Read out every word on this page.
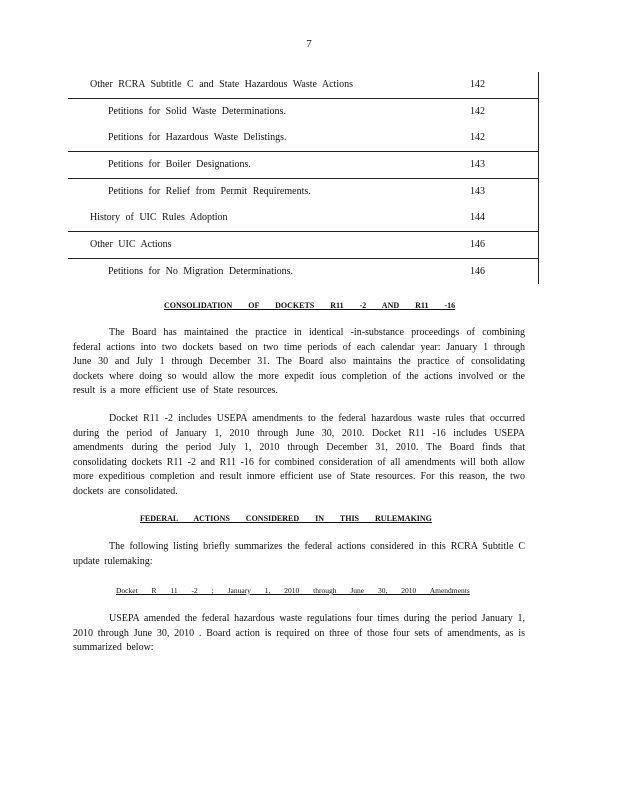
7
Other RCRA Subtitle C and State Hazardous Waste Actions	142
Petitions for Solid Waste Determinations.	142
Petitions for Hazardous Waste Delistings.	142
Petitions for Boiler Designations.	143
Petitions for Relief from Permit Requirements.	143
History of UIC Rules Adoption	144
Other UIC Actions	146
Petitions for No Migration Determinations.	146
CONSOLIDATION OF DOCKETS R11 -2 AND R11 -16

The Board has maintained the practice in identical -in-substance proceedings of combining federal actions into two dockets based on two time periods of each calendar year: January 1 through June 30 and July 1 through December 31. The Board also maintains the practice of consolidating dockets where doing so would allow the more expedit ious completion of the actions involved or the result is a more efficient use of State resources.

Docket R11 -2 includes USEPA amendments to the federal hazardous waste rules that occurred during the period of January 1, 2010 through June 30, 2010. Docket R11 -16 includes USEPA amendments during the period July 1, 2010 through December 31, 2010. The Board finds that consolidating dockets R11 -2 and R11 -16 for combined consideration of all amendments will both allow more expeditious completion and result inmore efficient use of State resources. For this reason, the two dockets are consolidated.

FEDERAL ACTIONS CONSIDERED IN THIS RULEMAKING

The following listing briefly summarizes the federal actions considered in this RCRA Subtitle C update rulemaking:

Docket R 11 -2 ; January 1, 2010 through June 30, 2010 Amendments

USEPA amended the federal hazardous waste regulations four times during the period January 1, 2010 through June 30, 2010 . Board action is required on three of those four sets of amendments, as is summarized below:
